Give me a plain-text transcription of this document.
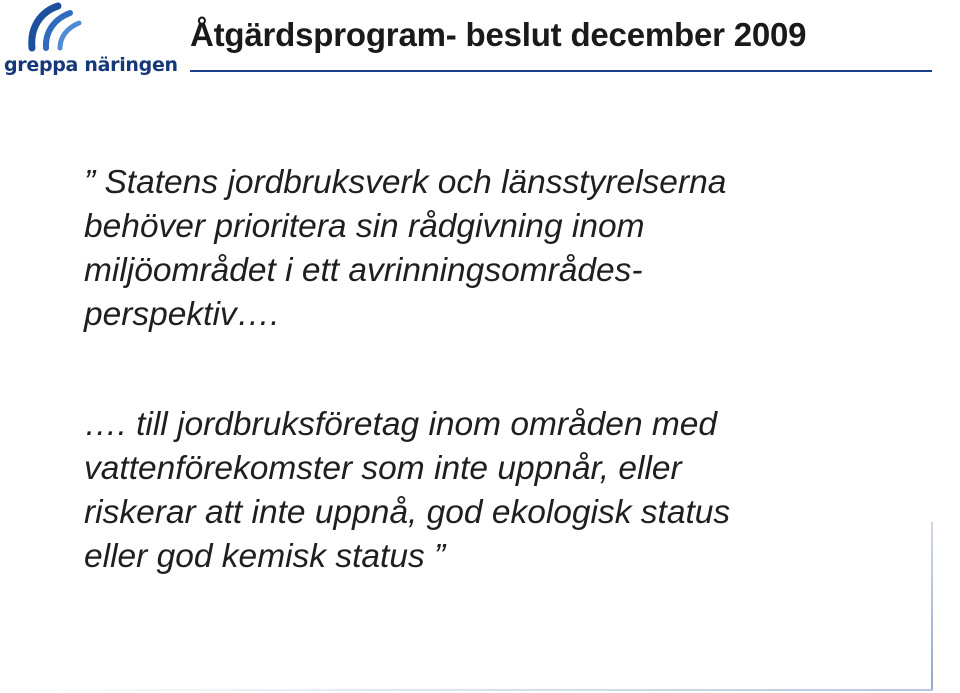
greppa näringen
Åtgärdsprogram- beslut december 2009

” Statens jordbruksverk och länsstyrelserna
behöver prioritera sin rådgivning inom
miljöområdet i ett avrinningsområdes-
perspektiv….

…. till jordbruksföretag inom områden med
vattenförekomster som inte uppnår, eller
riskerar att inte uppnå, god ekologisk status
eller god kemisk status ”
